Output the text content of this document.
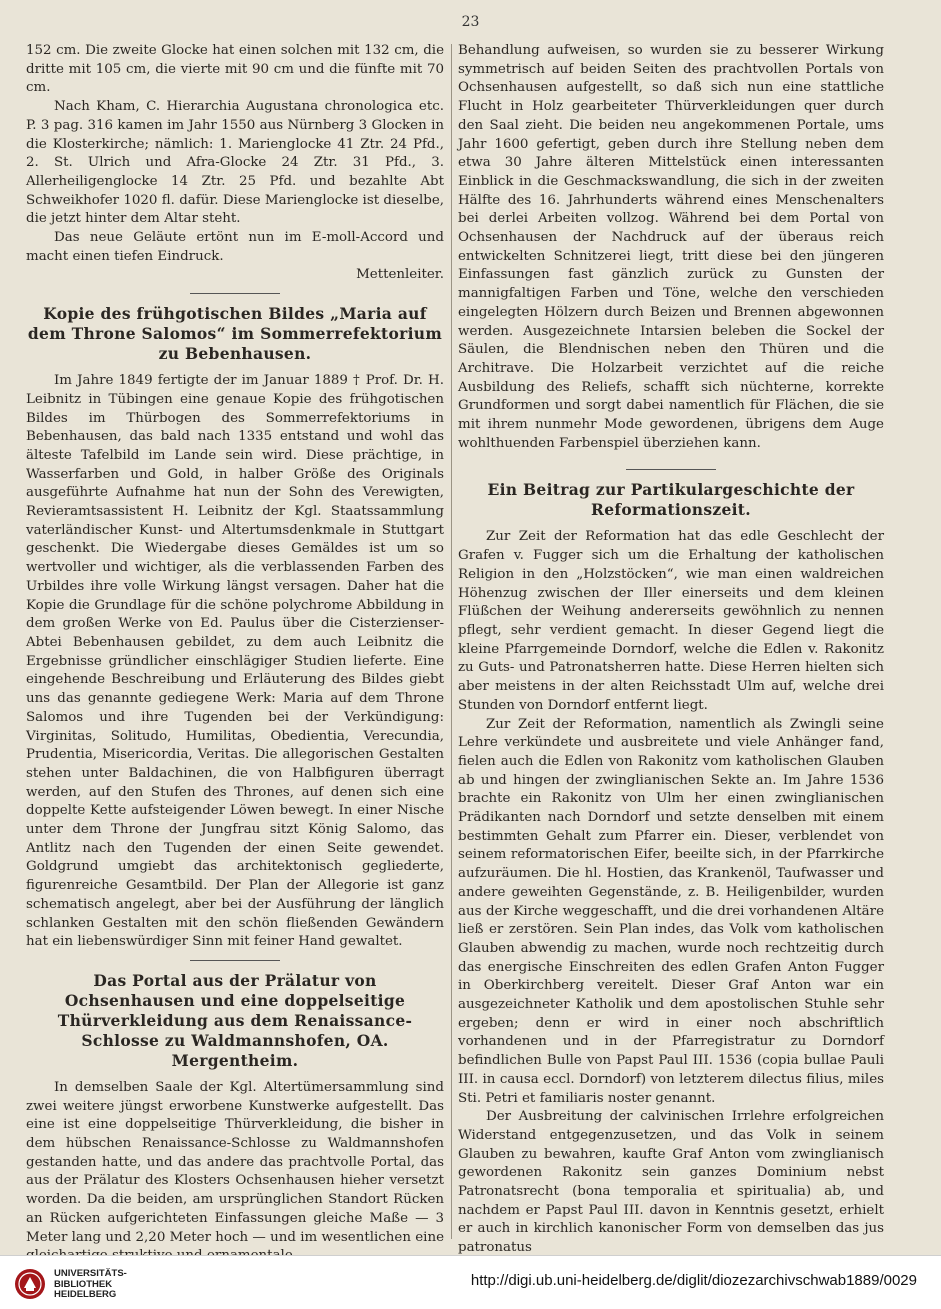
23

152 cm. Die zweite Glocke hat einen solchen mit 132 cm, die dritte mit 105 cm, die vierte mit 90 cm und die fünfte mit 70 cm.

Nach Kham, C. Hierarchia Augustana chronologica etc. P. 3 pag. 316 kamen im Jahr 1550 aus Nürnberg 3 Glocken in die Klosterkirche; nämlich: 1. Marienglocke 41 Ztr. 24 Pfd., 2. St. Ulrich und Afra-Glocke 24 Ztr. 31 Pfd., 3. Allerheiligenglocke 14 Ztr. 25 Pfd. und bezahlte Abt Schweikhofer 1020 fl. dafür. Diese Marienglocke ist dieselbe, die jetzt hinter dem Altar steht.

Das neue Geläute ertönt nun im E-moll-Accord und macht einen tiefen Eindruck.

Mettenleiter.

Kopie des frühgotischen Bildes „Maria auf dem Throne Salomos“ im Sommerrefektorium zu Bebenhausen.

Im Jahre 1849 fertigte der im Januar 1889 † Prof. Dr. H. Leibnitz in Tübingen eine genaue Kopie des frühgotischen Bildes im Thürbogen des Sommerrefektoriums in Bebenhausen, das bald nach 1335 entstand und wohl das älteste Tafelbild im Lande sein wird. Diese prächtige, in Wasserfarben und Gold, in halber Größe des Originals ausgeführte Aufnahme hat nun der Sohn des Verewigten, Revieramtsassistent H. Leibnitz der Kgl. Staatssammlung vaterländischer Kunst- und Altertumsdenkmale in Stuttgart geschenkt. Die Wiedergabe dieses Gemäldes ist um so wertvoller und wichtiger, als die verblassenden Farben des Urbildes ihre volle Wirkung längst versagen. Daher hat die Kopie die Grundlage für die schöne polychrome Abbildung in dem großen Werke von Ed. Paulus über die Cisterzienser-Abtei Bebenhausen gebildet, zu dem auch Leibnitz die Ergebnisse gründlicher einschlägiger Studien lieferte. Eine eingehende Beschreibung und Erläuterung des Bildes giebt uns das genannte gediegene Werk: Maria auf dem Throne Salomos und ihre Tugenden bei der Verkündigung: Virginitas, Solitudo, Humilitas, Obedientia, Verecundia, Prudentia, Misericordia, Veritas. Die allegorischen Gestalten stehen unter Baldachinen, die von Halbfiguren überragt werden, auf den Stufen des Thrones, auf denen sich eine doppelte Kette aufsteigender Löwen bewegt. In einer Nische unter dem Throne der Jungfrau sitzt König Salomo, das Antlitz nach den Tugenden der einen Seite gewendet. Goldgrund umgiebt das architektonisch gegliederte, figurenreiche Gesamtbild. Der Plan der Allegorie ist ganz schematisch angelegt, aber bei der Ausführung der länglich schlanken Gestalten mit den schön fließenden Gewändern hat ein liebenswürdiger Sinn mit feiner Hand gewaltet.

Das Portal aus der Prälatur von Ochsenhausen und eine doppelseitige Thürverkleidung aus dem Renaissance-Schlosse zu Waldmannshofen, OA. Mergentheim.

In demselben Saale der Kgl. Altertümersammlung sind zwei weitere jüngst erworbene Kunstwerke aufgestellt. Das eine ist eine doppelseitige Thürverkleidung, die bisher in dem hübschen Renaissance-Schlosse zu Waldmannshofen gestanden hatte, und das andere das prachtvolle Portal, das aus der Prälatur des Klosters Ochsenhausen hieher versetzt worden. Da die beiden, am ursprünglichen Standort Rücken an Rücken aufgerichteten Einfassungen gleiche Maße — 3 Meter lang und 2,20 Meter hoch — und im wesentlichen eine

Behandlung aufweisen, so wurden sie zu besserer Wirkung symmetrisch auf beiden Seiten des prachtvollen Portals von Ochsenhausen aufgestellt, so daß sich nun eine stattliche Flucht in Holz gearbeiteter Thürverkleidungen quer durch den Saal zieht. Die beiden neu angekommenen Portale, ums Jahr 1600 gefertigt, geben durch ihre Stellung neben dem etwa 30 Jahre älteren Mittelstück einen interessanten Einblick in die Geschmackswandlung, die sich in der zweiten Hälfte des 16. Jahrhunderts während eines Menschenalters bei derlei Arbeiten vollzog. Während bei dem Portal von Ochsenhausen der Nachdruck auf der überaus reich entwickelten Schnitzerei liegt, tritt diese bei den jüngeren Einfassungen fast gänzlich zurück zu Gunsten der mannigfaltigen Farben und Töne, welche den verschieden eingelegten Hölzern durch Beizen und Brennen abgewonnen werden. Ausgezeichnete Intarsien beleben die Sockel der Säulen, die Blendnischen neben den Thüren und die Architrave. Die Holzarbeit verzichtet auf die reiche Ausbildung des Reliefs, schafft sich nüchterne, korrekte Grundformen und sorgt dabei namentlich für Flächen, die sie mit ihrem nunmehr Mode gewordenen, übrigens dem Auge wohlthuenden Farbenspiel überziehen kann.

Ein Beitrag zur Partikulargeschichte der Reformationszeit.

Zur Zeit der Reformation hat das edle Geschlecht der Grafen v. Fugger sich um die Erhaltung der katholischen Religion in den „Holzstöcken“, wie man einen waldreichen Höhenzug zwischen der Iller einerseits und dem kleinen Flüßchen der Weihung andererseits gewöhnlich zu nennen pflegt, sehr verdient gemacht. In dieser Gegend liegt die kleine Pfarrgemeinde Dorndorf, welche die Edlen v. Rakonitz zu Guts- und Patronatsherren hatte. Diese Herren hielten sich aber meistens in der alten Reichsstadt Ulm auf, welche drei Stunden von Dorndorf entfernt liegt.

Zur Zeit der Reformation, namentlich als Zwingli seine Lehre verkündete und ausbreitete und viele Anhänger fand, fielen auch die Edlen von Rakonitz vom katholischen Glauben ab und hingen der zwinglianischen Sekte an. Im Jahre 1536 brachte ein Rakonitz von Ulm her einen zwinglianischen Prädikanten nach Dorndorf und setzte denselben mit einem bestimmten Gehalt zum Pfarrer ein. Dieser, verblendet von seinem reformatorischen Eifer, beeilte sich, in der Pfarrkirche aufzuräumen. Die hl. Hostien, das Krankenöl, Taufwasser und andere geweihten Gegenstände, z. B. Heiligenbilder, wurden aus der Kirche weggeschafft, und die drei vorhandenen Altäre ließ er zerstören. Sein Plan indes, das Volk vom katholischen Glauben abwendig zu machen, wurde noch rechtzeitig durch das energische Einschreiten des edlen Grafen Anton Fugger in Oberkirchberg vereitelt. Dieser Graf Anton war ein ausgezeichneter Katholik und dem apostolischen Stuhle sehr ergeben; denn er wird in einer noch abschriftlich vorhandenen und in der Pfarregistratur zu Dorndorf befindlichen Bulle von Papst Paul III. 1536 (copia bullae Pauli III. in causa eccl. Dorndorf) von letzterem dilectus filius, miles Sti. Petri et familiaris noster genannt.

Der Ausbreitung der calvinischen Irrlehre erfolgreichen Widerstand entgegenzusetzen, und das Volk in seinem Glauben zu bewahren, kaufte Graf Anton vom zwinglianisch gewordenen Rakonitz sein ganzes Dominium nebst Patronatsrecht (bona temporalia et spiritualia) ab, und nachdem er Papst Paul III. davon in Kenntnis gesetzt, erhielt er auch in kirchlich kanonischer Form von demselben das jus patronatus

UNIVERSITÄTS-
BIBLIOTHEK
HEIDELBERG
http://digi.ub.uni-heidelberg.de/diglit/diozezarchivschwab1889/0029
